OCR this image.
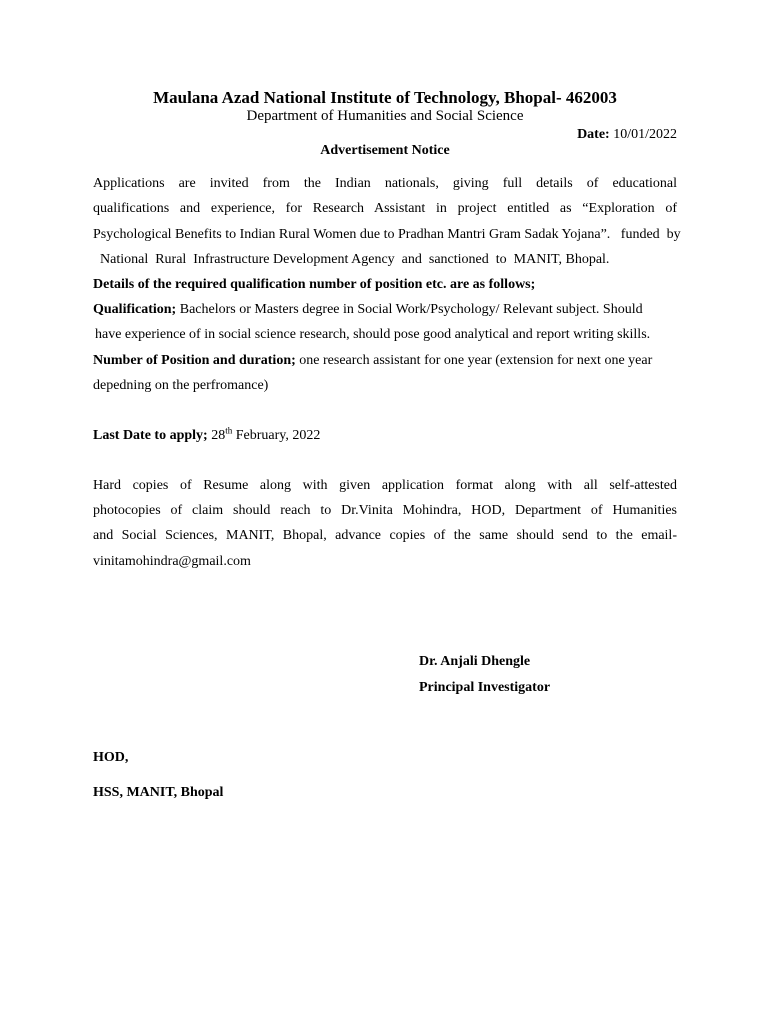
Maulana Azad National Institute of Technology, Bhopal- 462003
Department of Humanities and Social Science
Date: 10/01/2022
Advertisement Notice
Applications are invited from the Indian nationals, giving full details of educational
qualifications and experience, for Research Assistant in project entitled as “Exploration of
Psychological Benefits to Indian Rural Women due to Pradhan Mantri Gram Sadak Yojana”.   funded  by
National  Rural  Infrastructure Development Agency  and  sanctioned  to  MANIT, Bhopal.
Details of the required qualification number of position etc. are as follows;
Qualification; Bachelors or Masters degree in Social Work/Psychology/ Relevant subject. Should
have experience of in social science research, should pose good analytical and report writing skills.
Number of Position and duration; one research assistant for one year (extension for next one year
depedning on the perfromance)
Last Date to apply; 28th February, 2022
Hard copies of Resume along with given application format along with all self-attested
photocopies of claim should reach to Dr.Vinita Mohindra, HOD, Department of Humanities
and Social Sciences, MANIT, Bhopal, advance copies of the same should send to the email-
vinitamohindra@gmail.com
Dr. Anjali Dhengle
Principal Investigator
HOD,
HSS, MANIT, Bhopal
